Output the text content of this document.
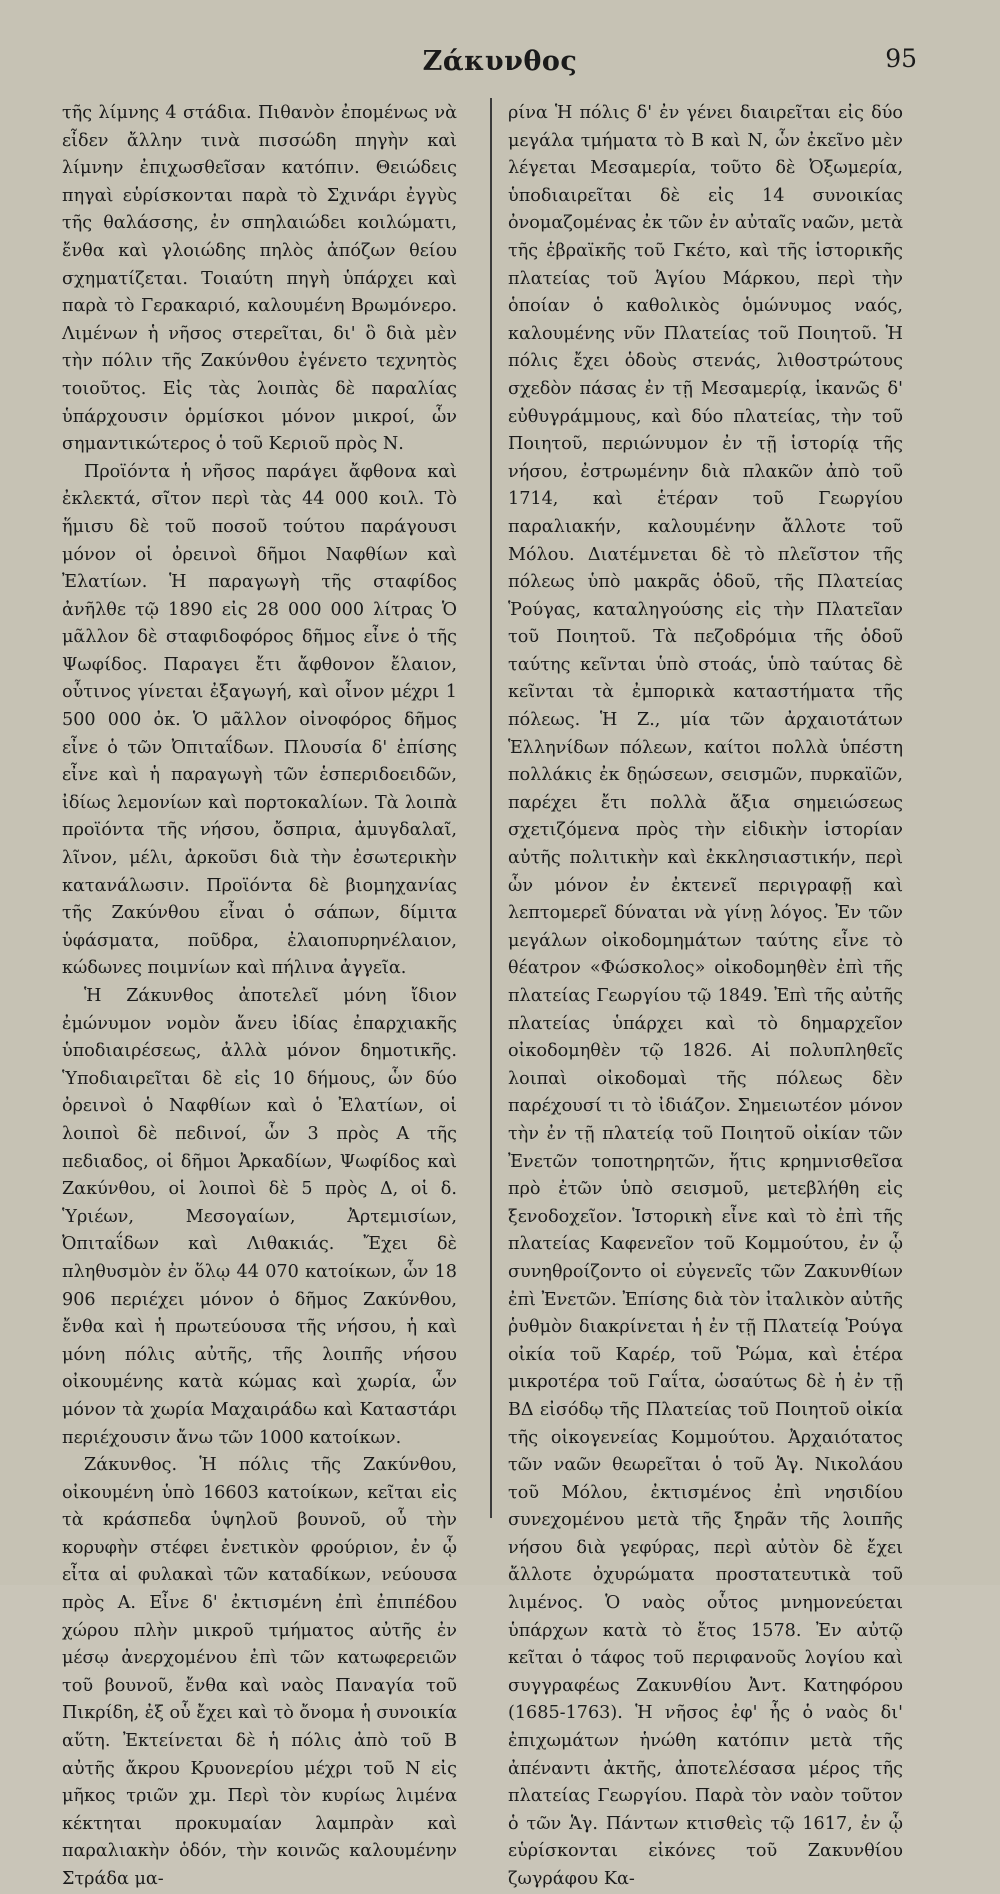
Ζάκυνθος	95

τῆς λίμνης 4 στάδια. Πιθανὸν ἐπομένως νὰ εἶδεν ἄλλην τινὰ πισσώδη πηγὴν καὶ λίμνην ἐπιχωσθεῖσαν κατόπιν. Θειώδεις πηγαὶ εὑρίσκονται παρὰ τὸ Σχινάρι ἐγγὺς τῆς θαλάσσης, ἐν σπηλαιώδει κοιλώματι, ἔνθα καὶ γλοιώδης πηλὸς ἀπόζων θείου σχηματίζεται. Τοιαύτη πηγὴ ὑπάρχει καὶ παρὰ τὸ Γερακαριό, καλουμένη Βρωμόνερο. Λιμένων ἡ νῆσος στερεῖται, δι' ὃ διὰ μὲν τὴν πόλιν τῆς Ζακύνθου ἐγένετο τεχνητὸς τοιοῦτος. Εἰς τὰς λοιπὰς δὲ παραλίας ὑπάρχουσιν ὁρμίσκοι μόνον μικροί, ὧν σημαντικώτερος ὁ τοῦ Κεριοῦ πρὸς Ν.

Προϊόντα ἡ νῆσος παράγει ἄφθονα καὶ ἐκλεκτά, σῖτον περὶ τὰς 44 000 κοιλ. Τὸ ἥμισυ δὲ τοῦ ποσοῦ τούτου παράγουσι μόνον οἱ ὀρεινοὶ δῆμοι Ναφθίων καὶ Ἐλατίων. Ἡ παραγωγὴ τῆς σταφίδος ἀνῆλθε τῷ 1890 εἰς 28 000 000 λίτρας Ὁ μᾶλλον δὲ σταφιδοφόρος δῆμος εἶνε ὁ τῆς Ψωφίδος. Παραγει ἔτι ἄφθονον ἔλαιον, οὗτινος γίνεται ἐξαγωγή, καὶ οἶνον μέχρι 1 500 000 ὀκ. Ὁ μᾶλλον οἰνοφόρος δῆμος εἶνε ὁ τῶν Ὀπιταΐδων. Πλουσία δ' ἐπίσης εἶνε καὶ ἡ παραγωγὴ τῶν ἑσπεριδοειδῶν, ἰδίως λεμονίων καὶ πορτοκαλίων. Τὰ λοιπὰ προϊόντα τῆς νήσου, ὄσπρια, ἀμυγδαλαῖ, λῖνον, μέλι, ἀρκοῦσι διὰ τὴν ἐσωτερικὴν κατανάλωσιν. Προϊόντα δὲ βιομηχανίας τῆς Ζακύνθου εἶναι ὁ σάπων, δίμιτα ὑφάσματα, ποῦδρα, ἐλαιοπυρηνέλαιον, κώδωνες ποιμνίων καὶ πήλινα ἀγγεῖα.

Ἡ Ζάκυνθος ἀποτελεῖ μόνη ἴδιον ἐμώνυμον νομὸν ἄνευ ἰδίας ἐπαρχιακῆς ὑποδιαιρέσεως, ἀλλὰ μόνον δημοτικῆς. Ὑποδιαιρεῖται δὲ εἰς 10 δήμους, ὧν δύο ὀρεινοὶ ὁ Ναφθίων καὶ ὁ Ἐλατίων, οἱ λοιποὶ δὲ πεδινοί, ὧν 3 πρὸς Α τῆς πεδιαδος, οἱ δῆμοι Ἀρκαδίων, Ψωφίδος καὶ Ζακύνθου, οἱ λοιποὶ δὲ 5 πρὸς Δ, οἱ δ. Ὑριέων, Μεσογαίων, Ἀρτεμισίων, Ὀπιταΐδων καὶ Λιθακιάς. Ἔχει δὲ πληθυσμὸν ἐν ὅλῳ 44 070 κατοίκων, ὧν 18 906 περιέχει μόνον ὁ δῆμος Ζακύνθου, ἔνθα καὶ ἡ πρωτεύουσα τῆς νήσου, ἡ καὶ μόνη πόλις αὐτῆς, τῆς λοιπῆς νήσου οἰκουμένης κατὰ κώμας καὶ χωρία, ὧν μόνον τὰ χωρία Μαχαιράδω καὶ Καταστάρι περιέχουσιν ἄνω τῶν 1000 κατοίκων.

Ζάκυνθος. Ἡ πόλις τῆς Ζακύνθου, οἰκουμένη ὑπὸ 16603 κατοίκων, κεῖται εἰς τὰ κράσπεδα ὑψηλοῦ βουνοῦ, οὗ τὴν κορυφὴν στέφει ἐνετικὸν φρούριον, ἐν ᾧ εἶτα αἱ φυλακαὶ τῶν καταδίκων, νεύουσα πρὸς Α. Εἶνε δ' ἐκτισμένη ἐπὶ ἐπιπέδου χώρου πλὴν μικροῦ τμήματος αὐτῆς ἐν μέσῳ ἀνερχομένου ἐπὶ τῶν κατωφερειῶν τοῦ βουνοῦ, ἔνθα καὶ ναὸς Παναγία τοῦ Πικρίδη, ἐξ οὗ ἔχει καὶ τὸ ὄνομα ἡ συνοικία αὕτη. Ἐκτείνεται δὲ ἡ πόλις ἀπὸ τοῦ Β αὐτῆς ἄκρου Κρυονερίου μέχρι τοῦ Ν εἰς μῆκος τριῶν χμ. Περὶ τὸν κυρίως λιμένα κέκτηται προκυμαίαν λαμπρὰν καὶ παραλιακὴν ὁδόν, τὴν κοινῶς καλουμένην Στράδα μα-

ρίνα Ἡ πόλις δ' ἐν γένει διαιρεῖται εἰς δύο μεγάλα τμήματα τὸ Β καὶ Ν, ὧν ἐκεῖνο μὲν λέγεται Μεσαμερία, τοῦτο δὲ Ὀξωμερία, ὑποδιαιρεῖται δὲ εἰς 14 συνοικίας ὀνομαζομένας ἐκ τῶν ἐν αὐταῖς ναῶν, μετὰ τῆς ἑβραϊκῆς τοῦ Γκέτο, καὶ τῆς ἱστορικῆς πλατείας τοῦ Ἁγίου Μάρκου, περὶ τὴν ὁποίαν ὁ καθολικὸς ὁμώνυμος ναός, καλουμένης νῦν Πλατείας τοῦ Ποιητοῦ. Ἡ πόλις ἔχει ὁδοὺς στενάς, λιθοστρώτους σχεδὸν πάσας ἐν τῇ Μεσαμερίᾳ, ἱκανῶς δ' εὐθυγράμμους, καὶ δύο πλατείας, τὴν τοῦ Ποιητοῦ, περιώνυμον ἐν τῇ ἱστορίᾳ τῆς νήσου, ἐστρωμένην διὰ πλακῶν ἀπὸ τοῦ 1714, καὶ ἑτέραν τοῦ Γεωργίου παραλιακήν, καλουμένην ἄλλοτε τοῦ Μόλου. Διατέμνεται δὲ τὸ πλεῖστον τῆς πόλεως ὑπὸ μακρᾶς ὁδοῦ, τῆς Πλατείας Ῥούγας, καταληγούσης εἰς τὴν Πλατεῖαν τοῦ Ποιητοῦ. Τὰ πεζοδρόμια τῆς ὁδοῦ ταύτης κεῖνται ὑπὸ στοάς, ὑπὸ ταύτας δὲ κεῖνται τὰ ἐμπορικὰ καταστήματα τῆς πόλεως. Ἡ Ζ., μία τῶν ἀρχαιοτάτων Ἑλληνίδων πόλεων, καίτοι πολλὰ ὑπέστη πολλάκις ἐκ δῃώσεων, σεισμῶν, πυρκαϊῶν, παρέχει ἔτι πολλὰ ἄξια σημειώσεως σχετιζόμενα πρὸς τὴν εἰδικὴν ἱστορίαν αὐτῆς πολιτικὴν καὶ ἐκκλησιαστικήν, περὶ ὧν μόνον ἐν ἐκτενεῖ περιγραφῇ καὶ λεπτομερεῖ δύναται νὰ γίνῃ λόγος. Ἐν τῶν μεγάλων οἰκοδομημάτων ταύτης εἶνε τὸ θέατρον «Φώσκολος» οἰκοδομηθὲν ἐπὶ τῆς πλατείας Γεωργίου τῷ 1849. Ἐπὶ τῆς αὐτῆς πλατείας ὑπάρχει καὶ τὸ δημαρχεῖον οἰκοδομηθὲν τῷ 1826. Αἱ πολυπληθεῖς λοιπαὶ οἰκοδομαὶ τῆς πόλεως δὲν παρέχουσί τι τὸ ἰδιάζον. Σημειωτέον μόνον τὴν ἐν τῇ πλατείᾳ τοῦ Ποιητοῦ οἰκίαν τῶν Ἐνετῶν τοποτηρητῶν, ἥτις κρημνισθεῖσα πρὸ ἐτῶν ὑπὸ σεισμοῦ, μετεβλήθη εἰς ξενοδοχεῖον. Ἱστορικὴ εἶνε καὶ τὸ ἐπὶ τῆς πλατείας Καφενεῖον τοῦ Κομμούτου, ἐν ᾧ συνηθροίζοντο οἱ εὐγενεῖς τῶν Ζακυνθίων ἐπὶ Ἐνετῶν. Ἐπίσης διὰ τὸν ἰταλικὸν αὐτῆς ῥυθμὸν διακρίνεται ἡ ἐν τῇ Πλατείᾳ Ῥούγα οἰκία τοῦ Καρέρ, τοῦ Ῥώμα, καὶ ἑτέρα μικροτέρα τοῦ Γαΐτα, ὡσαύτως δὲ ἡ ἐν τῇ ΒΔ εἰσόδῳ τῆς Πλατείας τοῦ Ποιητοῦ οἰκία τῆς οἰκογενείας Κομμούτου. Ἀρχαιότατος τῶν ναῶν θεωρεῖται ὁ τοῦ Ἁγ. Νικολάου τοῦ Μόλου, ἐκτισμένος ἐπὶ νησιδίου συνεχομένου μετὰ τῆς ξηρᾶν τῆς λοιπῆς νήσου διὰ γεφύρας, περὶ αὐτὸν δὲ ἔχει ἄλλοτε ὀχυρώματα προστατευτικὰ τοῦ λιμένος. Ὁ ναὸς οὗτος μνημονεύεται ὑπάρχων κατὰ τὸ ἔτος 1578. Ἐν αὐτῷ κεῖται ὁ τάφος τοῦ περιφανοῦς λογίου καὶ συγγραφέως Ζακυνθίου Ἀντ. Κατηφόρου (1685-1763). Ἡ νῆσος ἐφ' ἧς ὁ ναὸς δι' ἐπιχωμάτων ἡνώθη κατόπιν μετὰ τῆς ἀπέναντι ἀκτῆς, ἀποτελέσασα μέρος τῆς πλατείας Γεωργίου. Παρὰ τὸν ναὸν τοῦτον ὁ τῶν Ἁγ. Πάντων κτισθεὶς τῷ 1617, ἐν ᾧ εὑρίσκονται εἰκόνες τοῦ Ζακυνθίου ζωγράφου Κα-
